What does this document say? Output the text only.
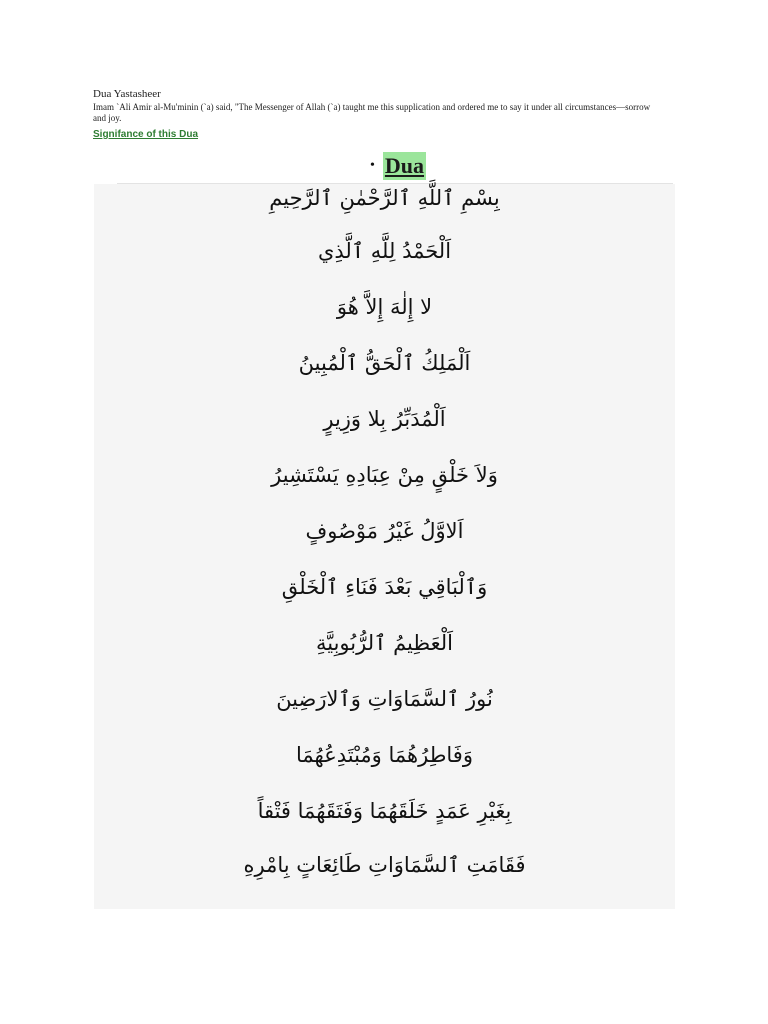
Dua Yastasheer
Imam `Ali Amir al-Mu'minin (`a) said, "The Messenger of Allah (`a) taught me this supplication and ordered me to say it under all circumstances—sorrow and joy.
Signifance of this Dua
• Dua
بِسْمِ ٱللَّهِ ٱلرَّحْمٰنِ ٱلرَّحِيمِ
اَلْحَمْدُ لِلَّهِ ٱلَّذِي
لا إِلٰهَ إِلاَّ هُوَ
اَلْمَلِكُ ٱلْحَقُّ ٱلْمُبِينُ
اَلْمُدَبِّرُ بِلا وَزِيرٍ
وَلاَ خَلْقٍ مِنْ عِبَادِهِ يَسْتَشِيرُ
اَلاوَّلُ غَيْرُ مَوْصُوفٍ
وَٱلْبَاقِي بَعْدَ فَنَاءِ ٱلْخَلْقِ
اَلْعَظِيمُ ٱلرُّبُوبِيَّةِ
نُورُ ٱلسَّمَاوَاتِ وَٱلارَضِينَ
وَفَاطِرُهُمَا وَمُبْتَدِعُهُمَا
بِغَيْرِ عَمَدٍ خَلَقَهُمَا وَفَتَقَهُمَا فَتْقاً
فَقَامَتِ ٱلسَّمَاوَاتِ طَائِعَاتٍ بِامْرِهِ
